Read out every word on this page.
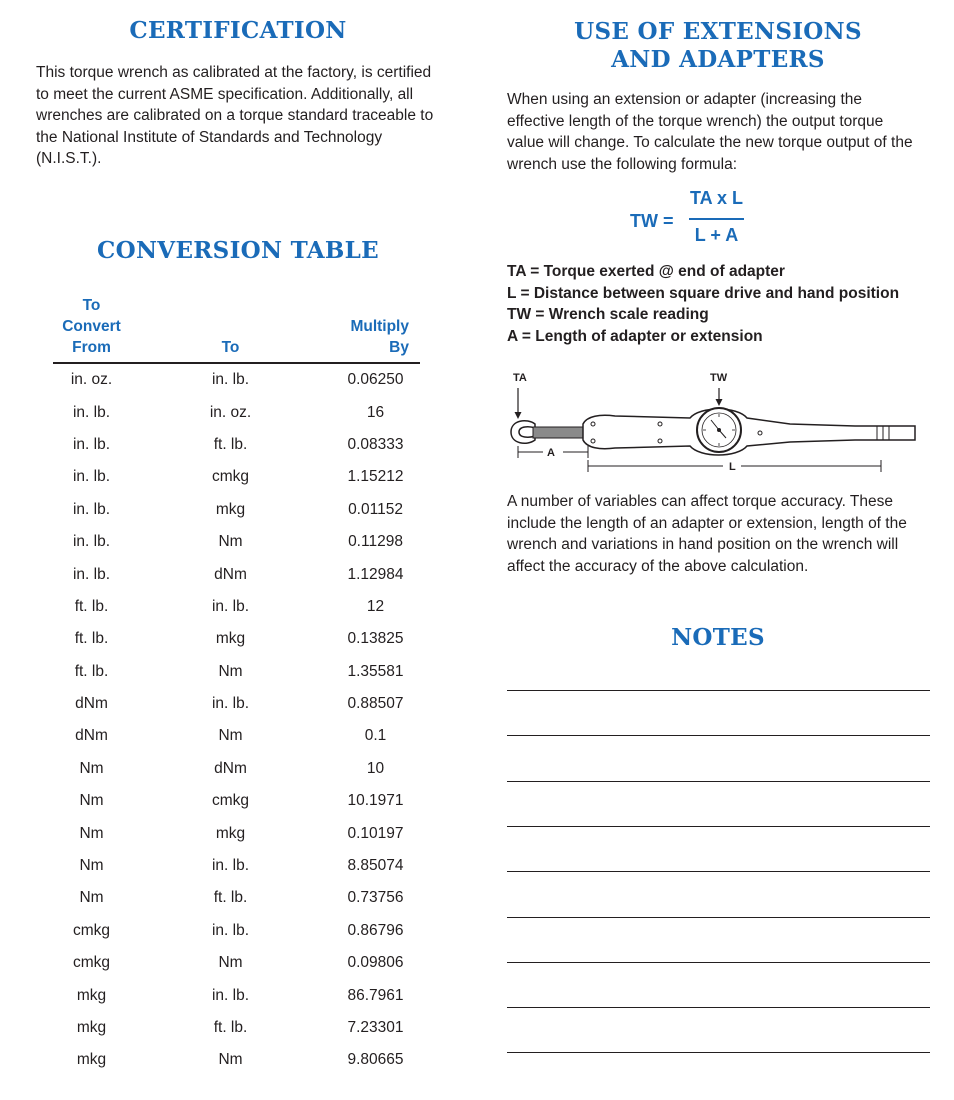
CERTIFICATION

This torque wrench as calibrated at the factory, is certified to meet the current ASME specification. Additionally, all wrenches are calibrated on a torque standard traceable to the National Institute of Standards and Technology (N.I.S.T.).

CONVERSION TABLE
To Convert
From	To	Multiply
By
in. oz.	in. lb.	0.06250
in. lb.	in. oz.	16
in. lb.	ft. lb.	0.08333
in. lb.	cmkg	1.15212
in. lb.	mkg	0.01152
in. lb.	Nm	0.11298
in. lb.	dNm	1.12984
ft. lb.	in. lb.	12
ft. lb.	mkg	0.13825
ft. lb.	Nm	1.35581
dNm	in. lb.	0.88507
dNm	Nm	0.1
Nm	dNm	10
Nm	cmkg	10.1971
Nm	mkg	0.10197
Nm	in. lb.	8.85074
Nm	ft. lb.	0.73756
cmkg	in. lb.	0.86796
cmkg	Nm	0.09806
mkg	in. lb.	86.7961
mkg	ft. lb.	7.23301
mkg	Nm	9.80665
USE OF EXTENSIONS
AND ADAPTERS

When using an extension or adapter (increasing the effective length of the torque wrench) the output torque value will change. To calculate the new torque output of the wrench use the following formula:

TW =
TA x L
L + A
TA = Torque exerted @ end of adapter
L = Distance between square drive and hand position
TW = Wrench scale reading
A = Length of adapter or extension
TA	TW
A
L

A number of variables can affect torque accuracy. These include the length of an adapter or extension, length of the wrench and variations in hand position on the wrench will affect the accuracy of the above calculation.

NOTES
